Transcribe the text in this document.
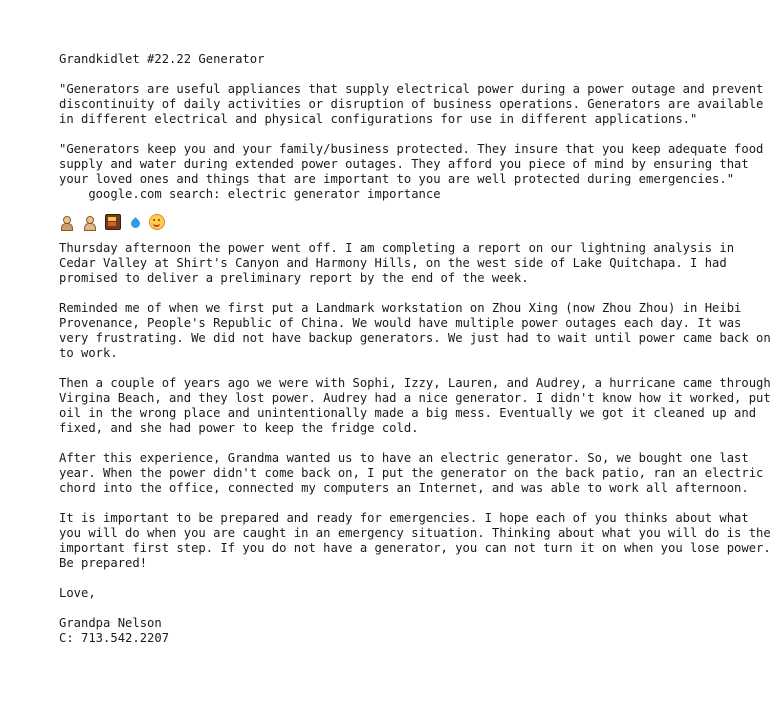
Grandkidlet #22.22 Generator
"Generators are useful appliances that supply electrical power during a power outage and prevent
discontinuity of daily activities or disruption of business operations. Generators are available
in different electrical and physical configurations for use in different applications."
"Generators keep you and your family/business protected. They insure that you keep adequate food
supply and water during extended power outages. They afford you piece of mind by ensuring that
your loved ones and things that are important to you are well protected during emergencies."
google.com search: electric generator importance
Thursday afternoon the power went off. I am completing a report on our lightning analysis in
Cedar Valley at Shirt's Canyon and Harmony Hills, on the west side of Lake Quitchapa. I had
promised to deliver a preliminary report by the end of the week.
Reminded me of when we first put a Landmark workstation on Zhou Xing (now Zhou Zhou) in Heibi
Provenance, People's Republic of China. We would have multiple power outages each day. It was
very frustrating. We did not have backup generators. We just had to wait until power came back on
to work.
Then a couple of years ago we were with Sophi, Izzy, Lauren, and Audrey, a hurricane came through
Virgina Beach, and they lost power. Audrey had a nice generator. I didn't know how it worked, put
oil in the wrong place and unintentionally made a big mess. Eventually we got it cleaned up and
fixed, and she had power to keep the fridge cold.
After this experience, Grandma wanted us to have an electric generator. So, we bought one last
year. When the power didn't come back on, I put the generator on the back patio, ran an electric
chord into the office, connected my computers an Internet, and was able to work all afternoon.
It is important to be prepared and ready for emergencies. I hope each of you thinks about what
you will do when you are caught in an emergency situation. Thinking about what you will do is the
important first step. If you do not have a generator, you can not turn it on when you lose power.
Be prepared!
Love,
Grandpa Nelson
C: 713.542.2207
